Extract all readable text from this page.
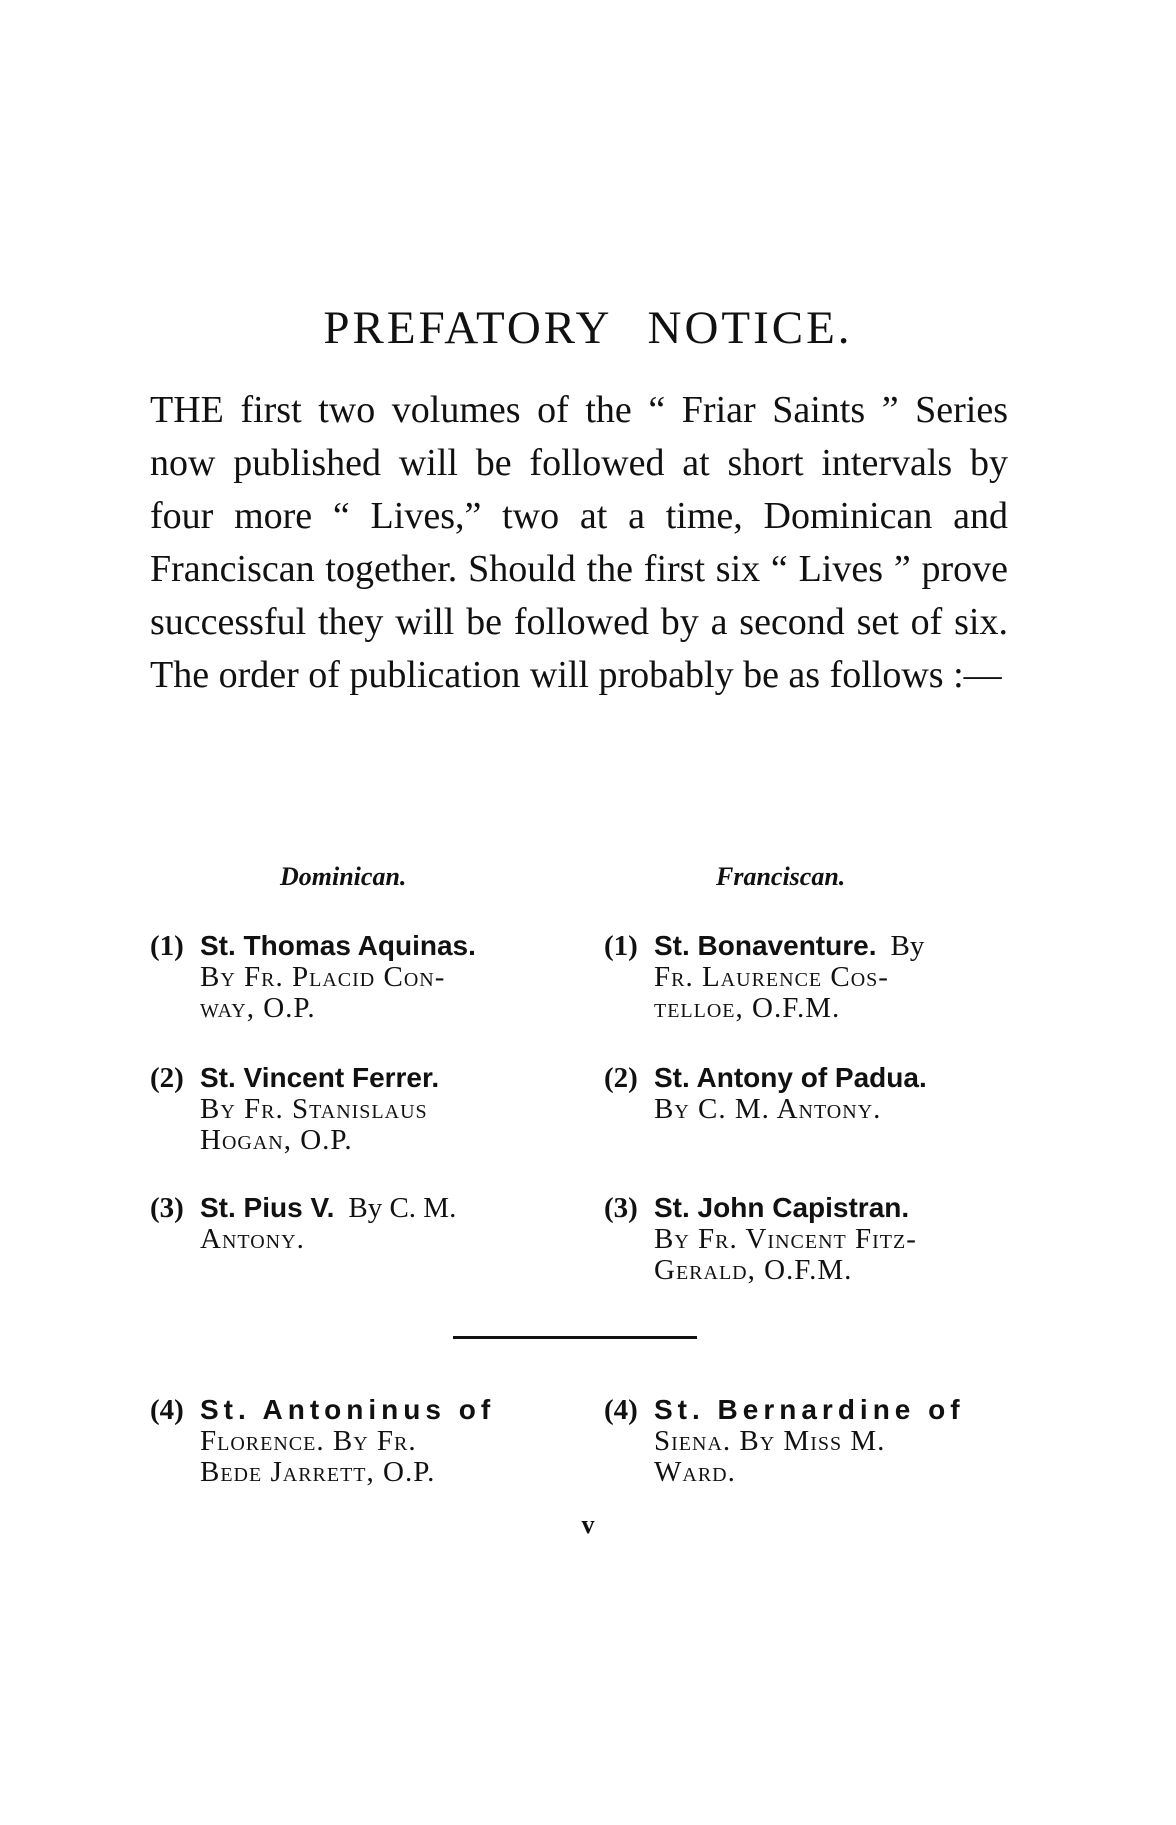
PREFATORY NOTICE.

THE first two volumes of the “ Friar Saints ” Series now published will be followed at short intervals by four more “ Lives,” two at a time, Dominican and Franciscan together. Should the first six “ Lives ” prove successful they will be followed by a second set of six. The order of publication will probably be as follows :—

Dominican.	Franciscan.
(1) St. Thomas Aquinas.
By Fr. Placid Con-
way, O.P.
(2) St. Vincent Ferrer.
By Fr. Stanislaus
Hogan, O.P.
(3) St. Pius V. By C. M.
Antony.
(4) St. Antoninus of
Florence. By Fr.
Bede Jarrett, O.P.
(1) St. Bonaventure. By
Fr. Laurence Cos-
telloe, O.F.M.
(2) St. Antony of Padua.
By C. M. Antony.
(3) St. John Capistran.
By Fr. Vincent Fitz-
Gerald, O.F.M.
(4) St. Bernardine of
Siena. By Miss M.
Ward.
v
